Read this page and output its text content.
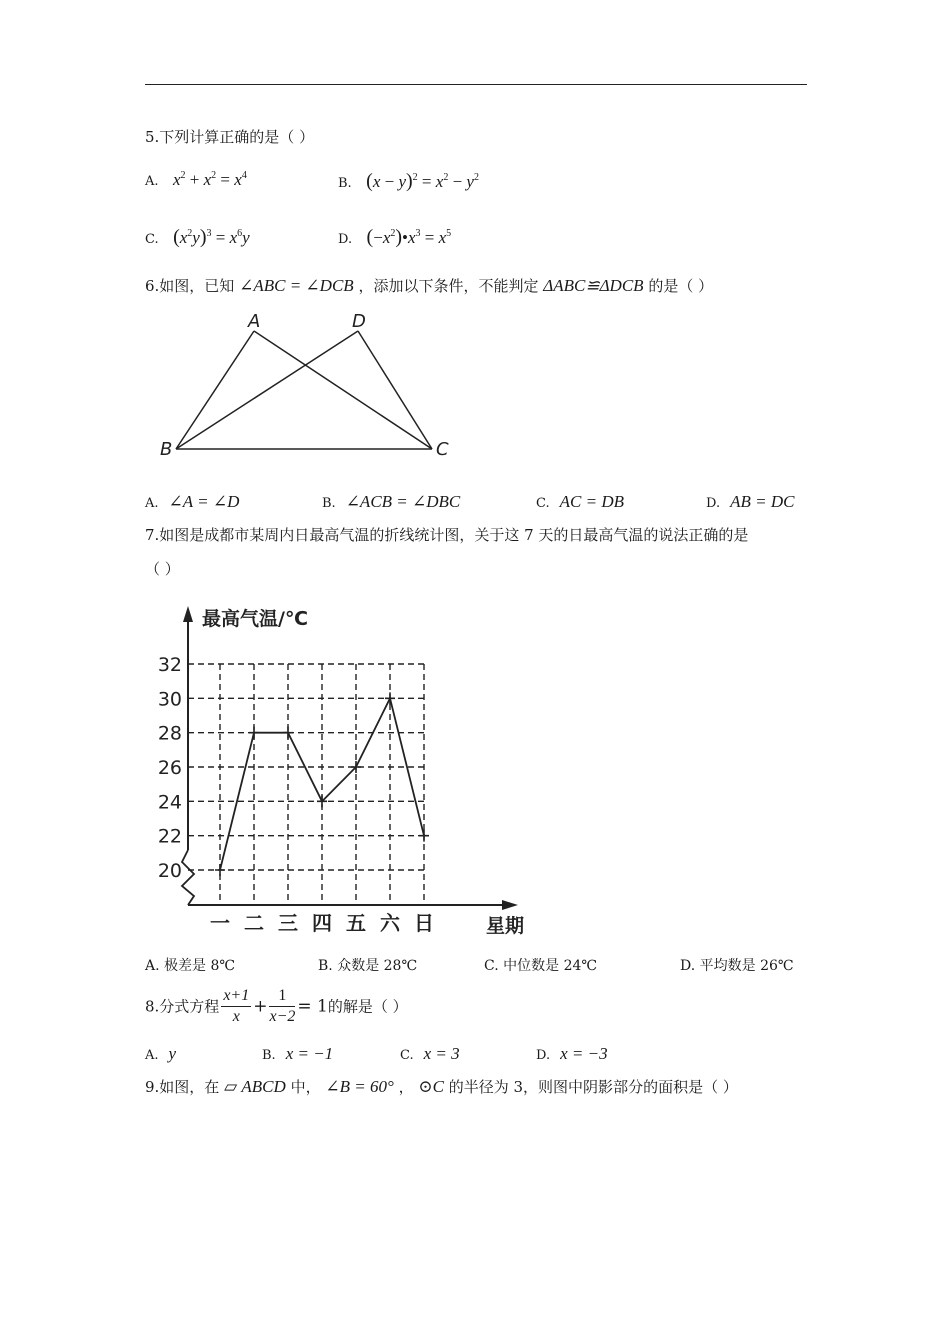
5.下列计算正确的是（ ）
A. $x^2 + x^2 = x^4$
B. $(x - y)^2 = x^2 - y^2$
C. $(x^2y)^3 = x^6y$	D. $(-x^2)•x^3 = x^5$
6.如图，已知 ∠ABC = ∠DCB ，添加以下条件，不能判定 ΔABC≌ΔDCB 的是（ ）
A	D
B	C
A. ∠A = ∠D	B. ∠ACB = ∠DBC	C. AC = DB	D. AB = DC
7.如图是成都市某周内日最高气温的折线统计图，关于这 7 天的日最高气温的说法正确的是
（ ）
20
22
24
26
28
30
32
一 二 三 四 五 六 日
最高气温/℃
星期
A. 极差是 8℃	B. 众数是 28℃	C. 中位数是 24℃	D. 平均数是 26℃
8.分式方程 $\frac{x+1}{x} + \frac{1}{x-2} = 1$的解是（ ）
A. y	B. x = −1	C. x = 3	D. x = −3
9.如图，在 ▱ ABCD 中， ∠B = 60° ， ⊙C 的半径为 3，则图中阴影部分的面积是（ ）
